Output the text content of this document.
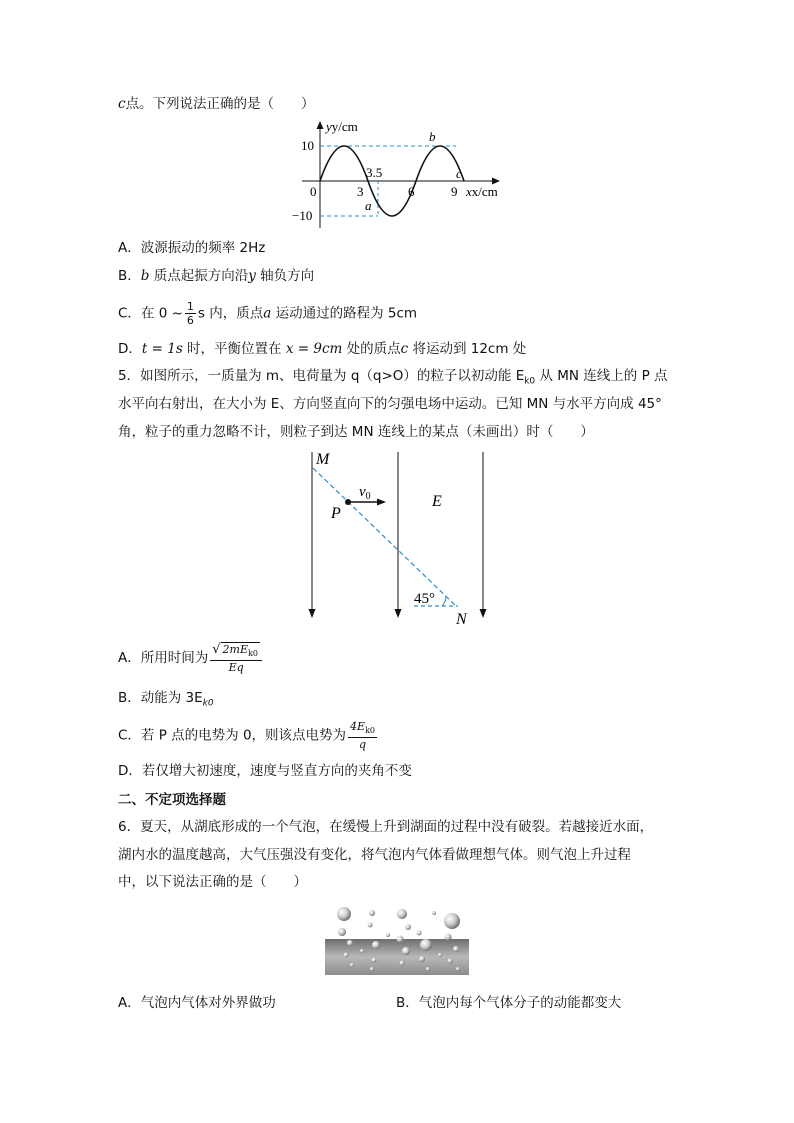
c点。下列说法正确的是（　　）
yy/cm
10
−10
0	3
3.5
6	9 xx/cm
a
b
c
A．波源振动的频率 2Hz
B．b 质点起振方向沿y 轴负方向
C．在 0 ~ $\frac{1}{6}$ s 内，质点a 运动通过的路程为 5cm
D．t = 1s 时，平衡位置在 x = 9cm 处的质点c 将运动到 12cm 处
5．如图所示，一质量为 m、电荷量为 q（q>O）的粒子以初动能 $E_{k0}$ 从 MN 连线上的 P 点
水平向右射出，在大小为 E、方向竖直向下的匀强电场中运动。已知 MN 与水平方向成 45°
角，粒子的重力忽略不计，则粒子到达 MN 连线上的某点（未画出）时（　　）
M
P
$v_0$	E
45°
N
A．所用时间为 $\frac{√ 2mE_{k0}}{Eq}$
B．动能为 $3E_{k0}$
C．若 P 点的电势为 0，则该点电势为 $\frac{4E_{k0}}{q}$
D．若仅增大初速度，速度与竖直方向的夹角不变
二、不定项选择题
6．夏天，从湖底形成的一个气泡，在缓慢上升到湖面的过程中没有破裂。若越接近水面，
湖内水的温度越高，大气压强没有变化，将气泡内气体看做理想气体。则气泡上升过程
中，以下说法正确的是（　　）
A．气泡内气体对外界做功	B．气泡内每个气体分子的动能都变大
